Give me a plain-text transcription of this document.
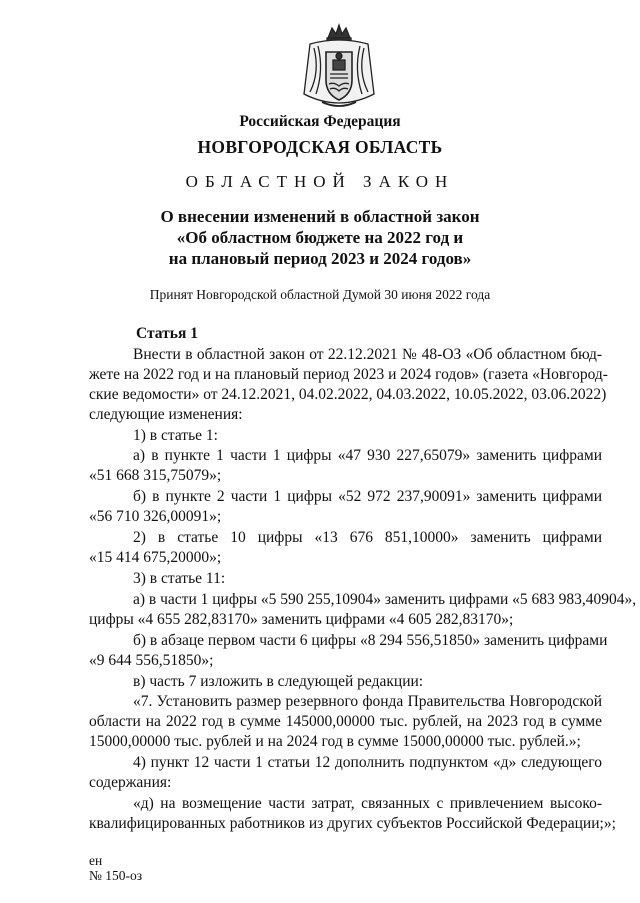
Российская Федерация
НОВГОРОДСКАЯ ОБЛАСТЬ
ОБЛАСТНОЙ ЗАКОН
О внесении изменений в областной закон
«Об областном бюджете на 2022 год и
на плановый период 2023 и 2024 годов»
Принят Новгородской областной Думой 30 июня 2022 года
Статья 1
Внести в областной закон от 22.12.2021 № 48-ОЗ «Об областном бюд-
жете на 2022 год и на плановый период 2023 и 2024 годов» (газета «Новгород-
ские ведомости» от 24.12.2021, 04.02.2022, 04.03.2022, 10.05.2022, 03.06.2022)
следующие изменения:
1) в статье 1:
а) в пункте 1 части 1 цифры «47 930 227,65079» заменить цифрами
«51 668 315,75079»;
б) в пункте 2 части 1 цифры «52 972 237,90091» заменить цифрами
«56 710 326,00091»;
2) в статье 10 цифры «13 676 851,10000» заменить цифрами
«15 414 675,20000»;
3) в статье 11:
а) в части 1 цифры «5 590 255,10904» заменить цифрами «5 683 983,40904»,
цифры «4 655 282,83170» заменить цифрами «4 605 282,83170»;
б) в абзаце первом части 6 цифры «8 294 556,51850» заменить цифрами
«9 644 556,51850»;
в) часть 7 изложить в следующей редакции:
«7. Установить размер резервного фонда Правительства Новгородской
области на 2022 год в сумме 145000,00000 тыс. рублей, на 2023 год в сумме
15000,00000 тыс. рублей и на 2024 год в сумме 15000,00000 тыс. рублей.»;
4) пункт 12 части 1 статьи 12 дополнить подпунктом «д» следующего
содержания:
«д) на возмещение части затрат, связанных с привлечением высоко-
квалифицированных работников из других субъектов Российской Федерации;»;
ен
№ 150-оз
